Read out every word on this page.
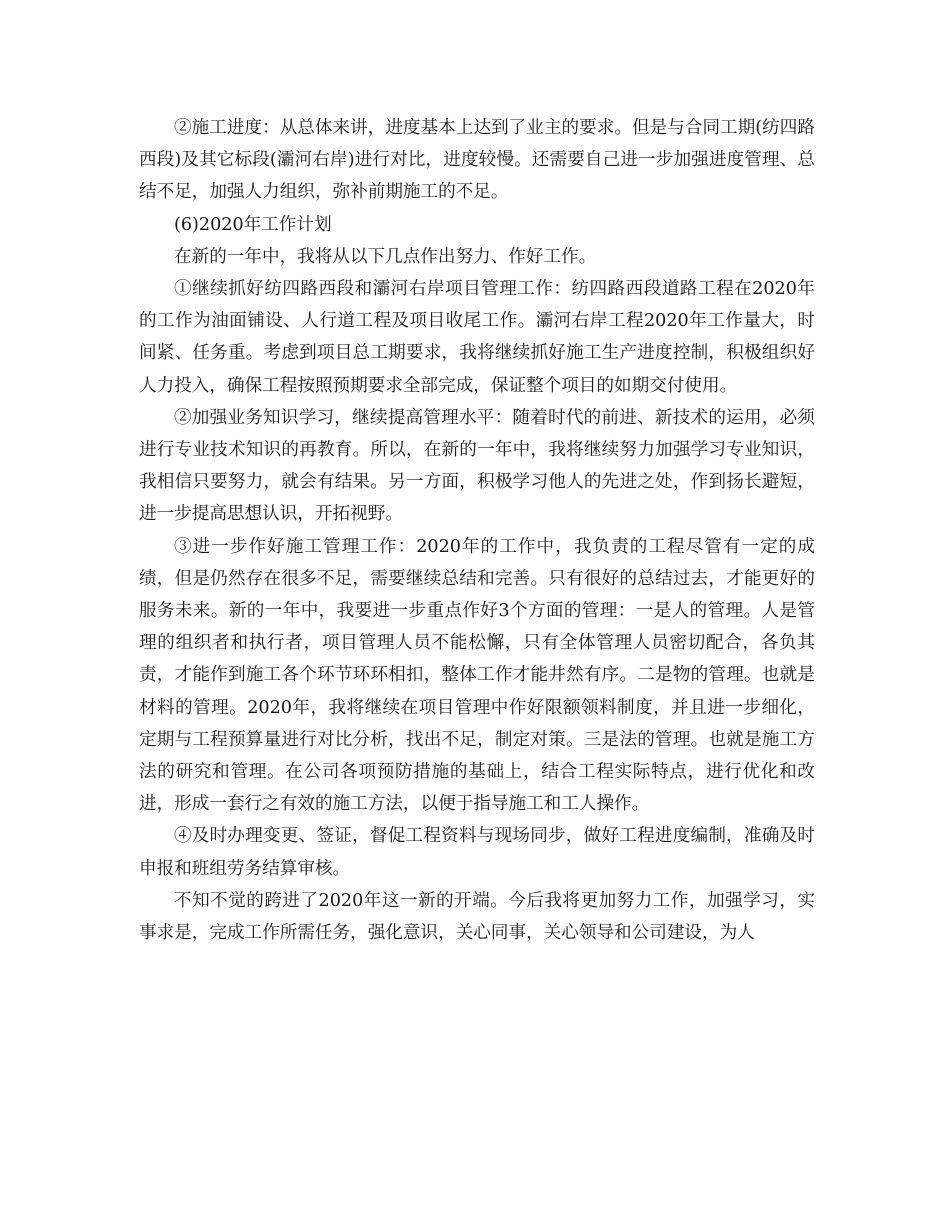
②施工进度：从总体来讲，进度基本上达到了业主的要求。但是与合同工期(纺四路西段)及其它标段(灞河右岸)进行对比，进度较慢。还需要自己进一步加强进度管理、总结不足，加强人力组织，弥补前期施工的不足。

(6)2020年工作计划

在新的一年中，我将从以下几点作出努力、作好工作。

①继续抓好纺四路西段和灞河右岸项目管理工作：纺四路西段道路工程在2020年的工作为油面铺设、人行道工程及项目收尾工作。灞河右岸工程2020年工作量大，时间紧、任务重。考虑到项目总工期要求，我将继续抓好施工生产进度控制，积极组织好人力投入，确保工程按照预期要求全部完成，保证整个项目的如期交付使用。

②加强业务知识学习，继续提高管理水平：随着时代的前进、新技术的运用，必须进行专业技术知识的再教育。所以，在新的一年中，我将继续努力加强学习专业知识，我相信只要努力，就会有结果。另一方面，积极学习他人的先进之处，作到扬长避短，进一步提高思想认识，开拓视野。

③进一步作好施工管理工作：2020年的工作中，我负责的工程尽管有一定的成绩，但是仍然存在很多不足，需要继续总结和完善。只有很好的总结过去，才能更好的服务未来。新的一年中，我要进一步重点作好3个方面的管理：一是人的管理。人是管理的组织者和执行者，项目管理人员不能松懈，只有全体管理人员密切配合，各负其责，才能作到施工各个环节环环相扣，整体工作才能井然有序。二是物的管理。也就是材料的管理。2020年，我将继续在项目管理中作好限额领料制度，并且进一步细化，定期与工程预算量进行对比分析，找出不足，制定对策。三是法的管理。也就是施工方法的研究和管理。在公司各项预防措施的基础上，结合工程实际特点，进行优化和改进，形成一套行之有效的施工方法，以便于指导施工和工人操作。

④及时办理变更、签证，督促工程资料与现场同步，做好工程进度编制，准确及时申报和班组劳务结算审核。

不知不觉的跨进了2020年这一新的开端。今后我将更加努力工作，加强学习，实事求是，完成工作所需任务，强化意识，关心同事，关心领导和公司建设，为人
